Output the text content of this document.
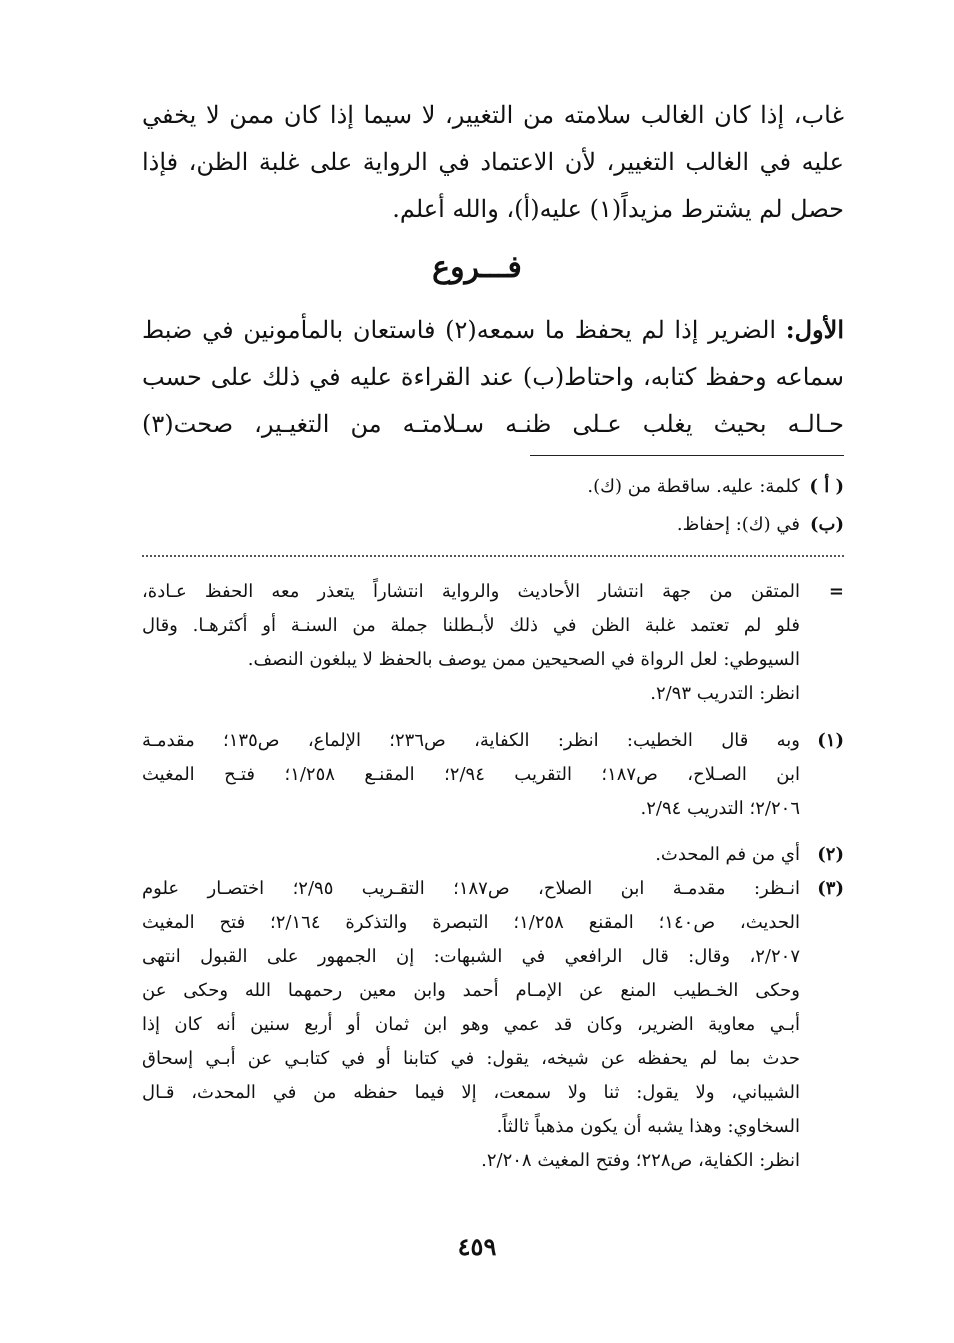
غاب، إذا كان الغالب سلامته من التغيير، لا سيما إذا كان ممن لا يخفي

عليه في الغالب التغيير، لأن الاعتماد في الرواية على غلبة الظن، فإذا

حصل لم يشترط مزيداً(١) عليه(أ)، والله أعلم.

فـــروع
الأول: الضرير إذا لم يحفظ ما سمعه(٢) فاستعان بالمأمونين في ضبط
سماعه وحفظ كتابه، واحتاط(ب) عند القراءة عليه في ذلك على حسب
حـالـه بحيث يغلب عـلى ظنـه سـلامتـه من التغيـير، صحت(٣)
( أ )
كلمة: عليه. ساقطة من (ك).
(ب)
في (ك): إحفاظ.
=
المتقن من جهة انتشار الأحاديث والرواية انتشاراً يتعذر معه الحفظ عـادة،
فلو لم تعتمد غلبة الظن في ذلك لأبـطلنا جملة من السنـة أو أكثرهـا. وقال
السيوطي: لعل الرواة في الصحيحين ممن يوصف بالحفظ لا يبلغون النصف.
انظر: التدريب ٢/٩٣.
(١)
وبه قال الخطيب: انظر: الكفاية، ص٢٣٦؛ الإلماع، ص١٣٥؛ مقدمـة
ابن الصـلاح، ص١٨٧؛ التقريب ٢/٩٤؛ المقنـع ١/٢٥٨؛ فتـح المغيث
٢/٢٠٦؛ التدريب ٢/٩٤.
(٢)
أي من فم المحدث.
(٣)
انـظر: مقدمـة ابن الصلاح، ص١٨٧؛ التقـريب ٢/٩٥؛ اختصـار علوم
الحديث، ص١٤٠؛ المقنع ١/٢٥٨؛ التبصرة والتذكرة ٢/١٦٤؛ فتح المغيث
٢/٢٠٧، وقال: قال الرافعي في الشبهات: إن الجمهور على القبول انتهى
وحكى الخـطيب المنع عن الإمـام أحمد وابن معين رحمهما الله وحكى عن
أبـي معاوية الضرير، وكان قد عمي وهو ابن ثمان أو أربع سنين أنه كان إذا
حدث بما لم يحفظه عن شيخه، يقول: في كتابنا أو في كتابـي عن أبـي إسحاق
الشيباني، ولا يقول: ثنا ولا سمعت، إلا فيما حفظه من في المحدث، قـال
السخاوي: وهذا يشبه أن يكون مذهباً ثالثاً.
انظر: الكفاية، ص٢٢٨؛ وفتح المغيث ٢/٢٠٨.
٤٥٩
